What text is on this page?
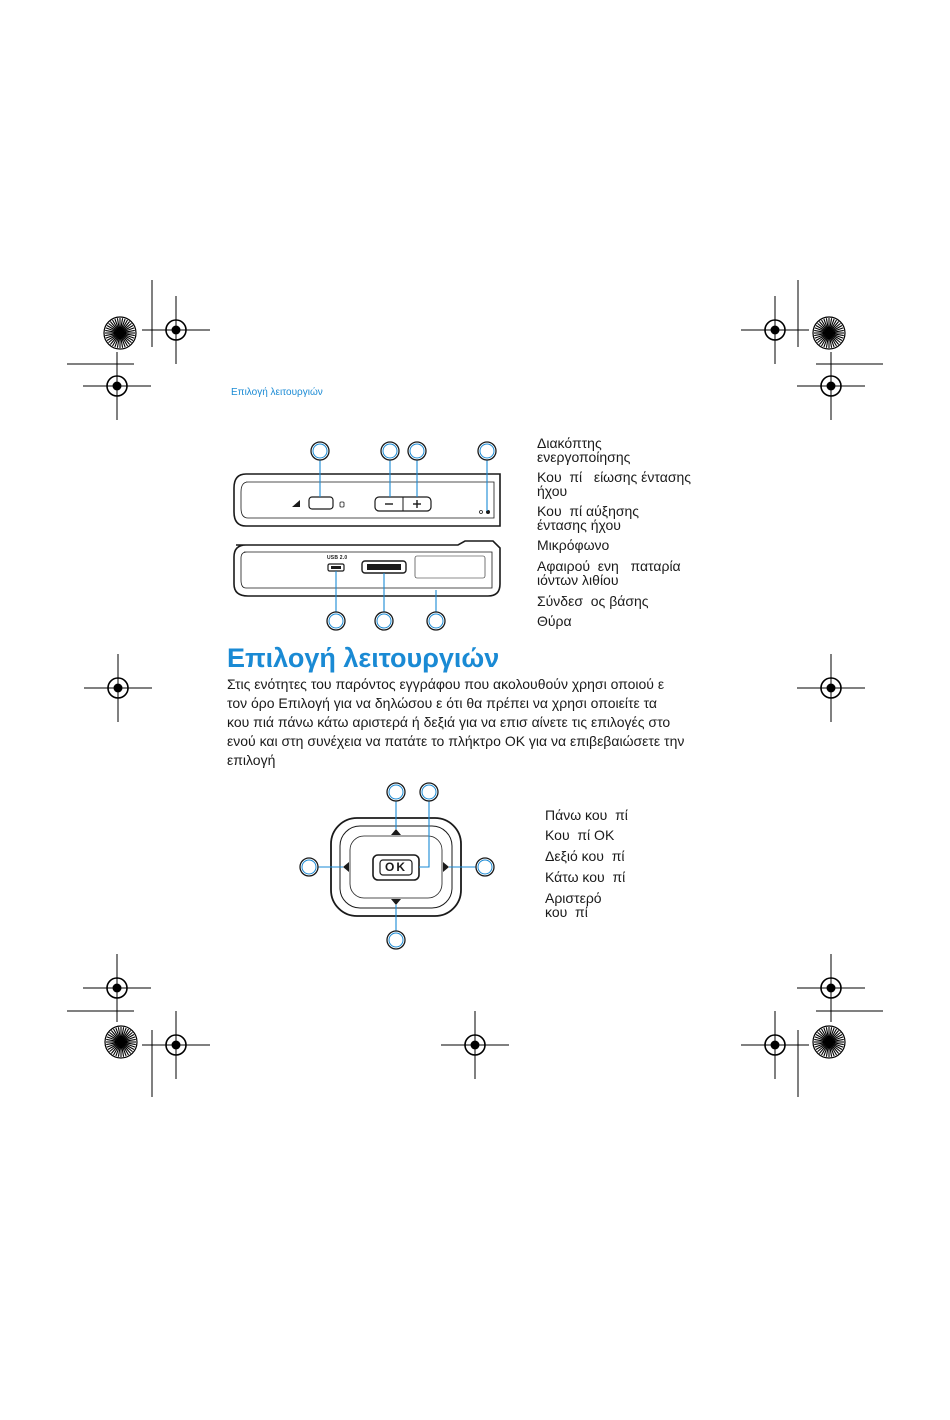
USB 2.0
OK
Επιλογή λειτουργιών
Διακόπτης
ενεργοποίησης
Κου  πί   είωσης έντασης
ήχου
Κου  πί αύξησης
έντασης ήχου
Μικρόφωνο
Αφαιρού  ενη   παταρία
ιόντων λιθίου
Σύνδεσ  ος βάσης
Θύρα
Επιλογή λειτουργιών
Στις ενότητες του παρόντος εγγράφου που ακολουθούν χρησι οποιού ε
τον όρο Επιλογή για να δηλώσου ε ότι θα πρέπει να χρησι οποιείτε τα
κου πιά πάνω κάτω αριστερά ή δεξιά για να επισ αίνετε τις επιλογές στο
ενού και στη συνέχεια να πατάτε το πλήκτρο OK για να επιβεβαιώσετε την
επιλογή
Πάνω κου  πί
Κου  πί OK
Δεξιό κου  πί
Κάτω κου  πί
Αριστερό
κου  πί
